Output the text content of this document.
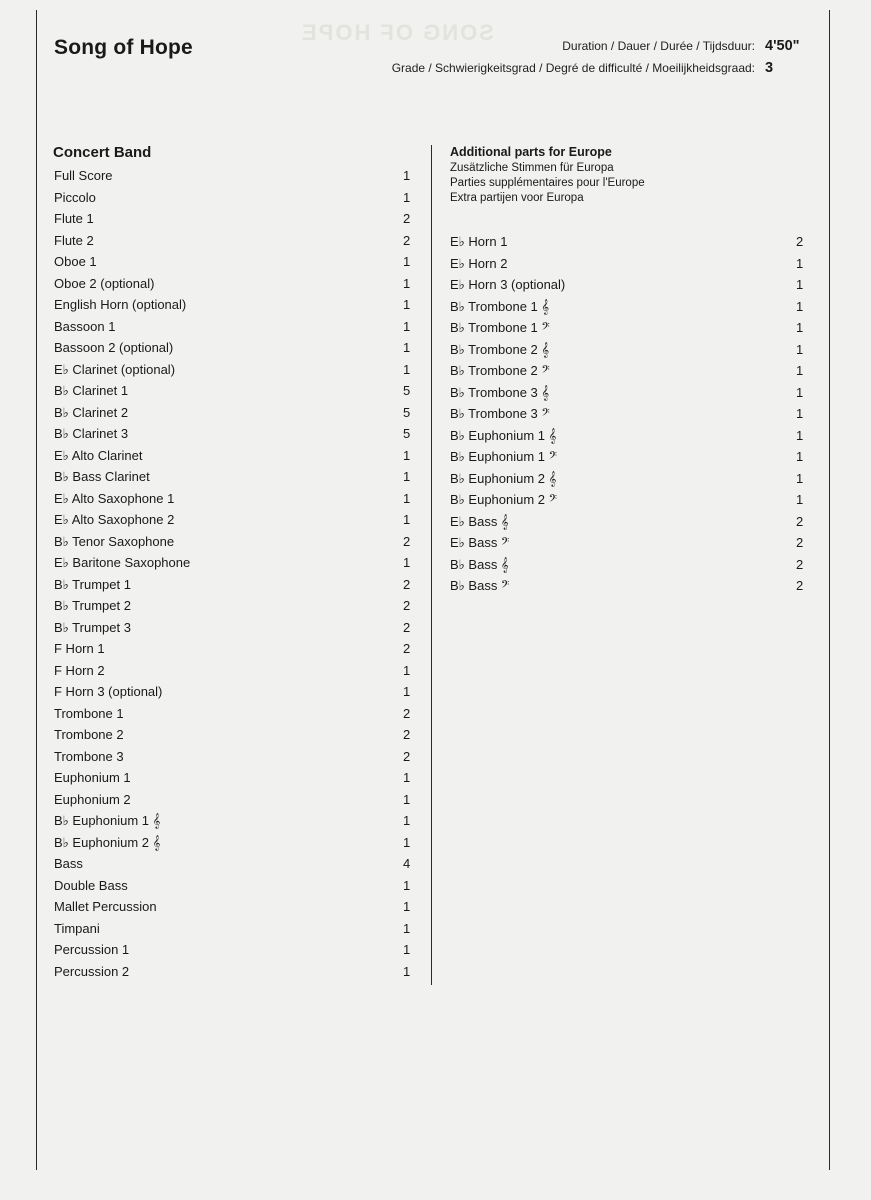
SONG OF HOPE
Song of Hope	Duration / Dauer / Durée / Tijdsduur: 4'50"
Grade / Schwierigkeitsgrad / Degré de difficulté / Moeilijkheidsgraad: 3
Concert Band
Full Score	1
Piccolo	1
Flute 1	2
Flute 2	2
Oboe 1	1
Oboe 2 (optional)	1
English Horn (optional)	1
Bassoon 1	1
Bassoon 2 (optional)	1
E♭ Clarinet (optional)	1
B♭ Clarinet 1	5
B♭ Clarinet 2	5
B♭ Clarinet 3	5
E♭ Alto Clarinet	1
B♭ Bass Clarinet	1
E♭ Alto Saxophone 1	1
E♭ Alto Saxophone 2	1
B♭ Tenor Saxophone	2
E♭ Baritone Saxophone	1
B♭ Trumpet 1	2
B♭ Trumpet 2	2
B♭ Trumpet 3	2
F Horn 1	2
F Horn 2	1
F Horn 3 (optional)	1
Trombone 1	2
Trombone 2	2
Trombone 3	2
Euphonium 1	1
Euphonium 2	1
B♭ Euphonium 1 𝄞	1
B♭ Euphonium 2 𝄞	1
Bass	4
Double Bass	1
Mallet Percussion	1
Timpani	1
Percussion 1	1
Percussion 2	1
Additional parts for Europe
Zusätzliche Stimmen für Europa
Parties supplémentaires pour l'Europe
Extra partijen voor Europa
E♭ Horn 1	2
E♭ Horn 2	1
E♭ Horn 3 (optional)	1
B♭ Trombone 1 𝄞	1
B♭ Trombone 1 𝄢	1
B♭ Trombone 2 𝄞	1
B♭ Trombone 2 𝄢	1
B♭ Trombone 3 𝄞	1
B♭ Trombone 3 𝄢	1
B♭ Euphonium 1 𝄞	1
B♭ Euphonium 1 𝄢	1
B♭ Euphonium 2 𝄞	1
B♭ Euphonium 2 𝄢	1
E♭ Bass 𝄞	2
E♭ Bass 𝄢	2
B♭ Bass 𝄞	2
B♭ Bass 𝄢	2
